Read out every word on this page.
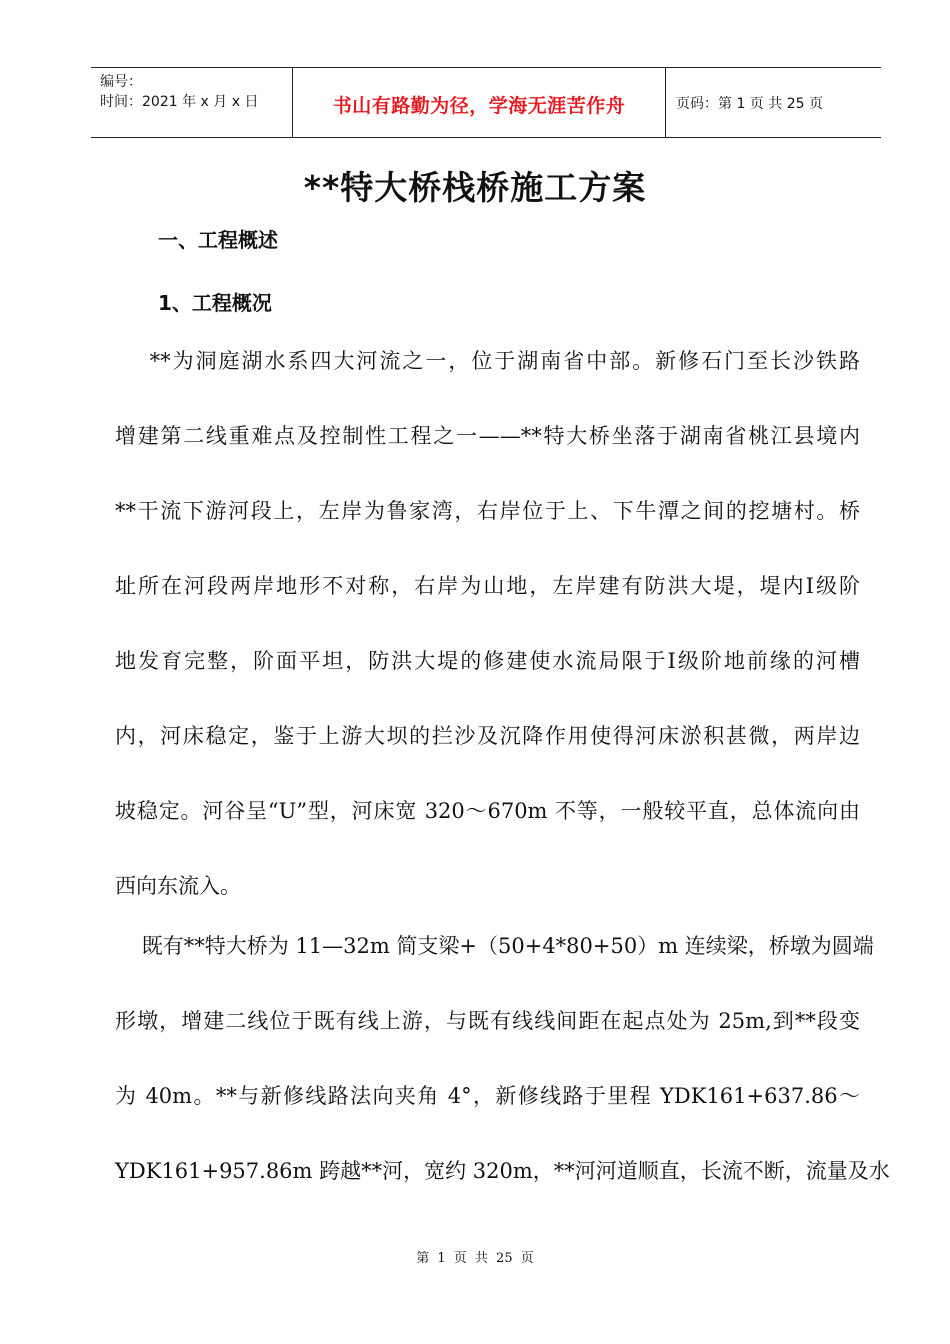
编号：
时间：2021 年 x 月 x 日	书山有路勤为径，学海无涯苦作舟	页码：第 1 页 共 25 页
**特大桥栈桥施工方案
一、工程概述
1、工程概况
**为洞庭湖水系四大河流之一，位于湖南省中部。新修石门至长沙铁路
增建第二线重难点及控制性工程之一——**特大桥坐落于湖南省桃江县境内
**干流下游河段上，左岸为鲁家湾，右岸位于上、下牛潭之间的挖塘村。桥
址所在河段两岸地形不对称，右岸为山地，左岸建有防洪大堤，堤内Ⅰ级阶
地发育完整，阶面平坦，防洪大堤的修建使水流局限于Ⅰ级阶地前缘的河槽
内，河床稳定，鉴于上游大坝的拦沙及沉降作用使得河床淤积甚微，两岸边
坡稳定。河谷呈“U”型，河床宽 320～670m 不等，一般较平直，总体流向由
西向东流入。
既有**特大桥为 11—32m 简支梁+（50+4*80+50）m 连续梁，桥墩为圆端
形墩，增建二线位于既有线上游，与既有线线间距在起点处为 25m,到**段变
为 40m。**与新修线路法向夹角 4°，新修线路于里程 YDK161+637.86～
YDK161+957.86m 跨越**河，宽约 320m，**河河道顺直，长流不断，流量及水
第 1 页 共 25 页
